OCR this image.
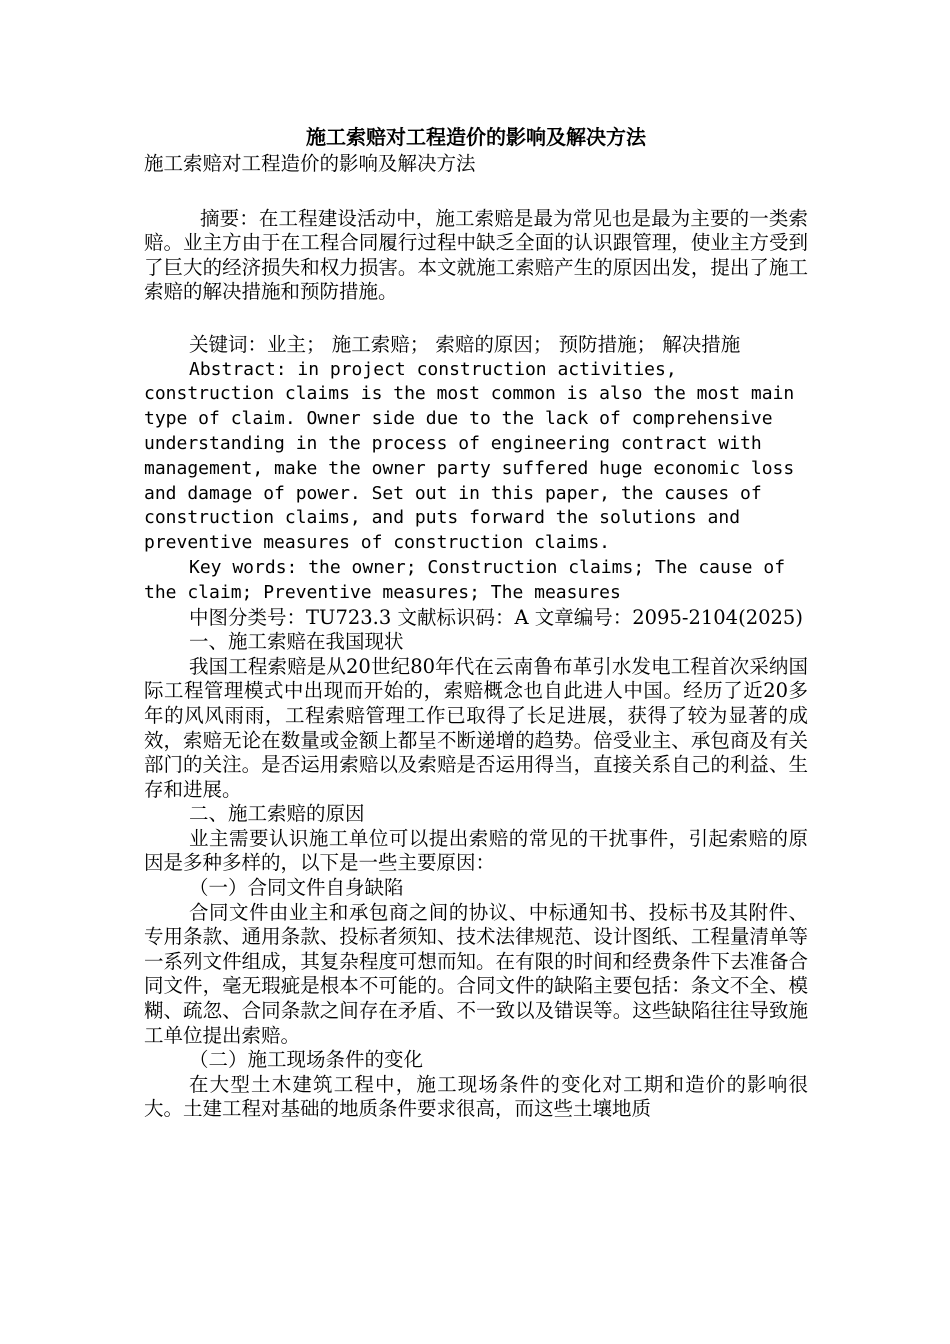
施工索赔对工程造价的影响及解决方法

施工索赔对工程造价的影响及解决方法

摘要：在工程建设活动中，施工索赔是最为常见也是最为主要的一类索赔。业主方由于在工程合同履行过程中缺乏全面的认识跟管理，使业主方受到了巨大的经济损失和权力损害。本文就施工索赔产生的原因出发，提出了施工索赔的解决措施和预防措施。

关键词：业主； 施工索赔； 索赔的原因； 预防措施； 解决措施

Abstract: in project construction activities, construction claims is the most common is also the most main type of claim. Owner side due to the lack of comprehensive understanding in the process of engineering contract with management, make the owner party suffered huge economic loss and damage of power. Set out in this paper, the causes of construction claims, and puts forward the solutions and preventive measures of construction claims.

Key words: the owner; Construction claims; The cause of the claim; Preventive measures; The measures

中图分类号：TU723.3 文献标识码：A 文章编号：2095-2104(2025)

一、施工索赔在我国现状

我国工程索赔是从20世纪80年代在云南鲁布革引水发电工程首次采纳国际工程管理模式中出现而开始的，索赔概念也自此进人中国。经历了近20多年的风风雨雨，工程索赔管理工作已取得了长足进展，获得了较为显著的成效，索赔无论在数量或金额上都呈不断递增的趋势。倍受业主、承包商及有关部门的关注。是否运用索赔以及索赔是否运用得当，直接关系自己的利益、生存和进展。

二、施工索赔的原因

业主需要认识施工单位可以提出索赔的常见的干扰事件，引起索赔的原因是多种多样的，以下是一些主要原因：

（一）合同文件自身缺陷

合同文件由业主和承包商之间的协议、中标通知书、投标书及其附件、专用条款、通用条款、投标者须知、技术法律规范、设计图纸、工程量清单等一系列文件组成，其复杂程度可想而知。在有限的时间和经费条件下去准备合同文件，毫无瑕疵是根本不可能的。合同文件的缺陷主要包括：条文不全、模糊、疏忽、合同条款之间存在矛盾、不一致以及错误等。这些缺陷往往导致施工单位提出索赔。

（二）施工现场条件的变化

在大型土木建筑工程中，施工现场条件的变化对工期和造价的影响很大。土建工程对基础的地质条件要求很高，而这些土壤地质
